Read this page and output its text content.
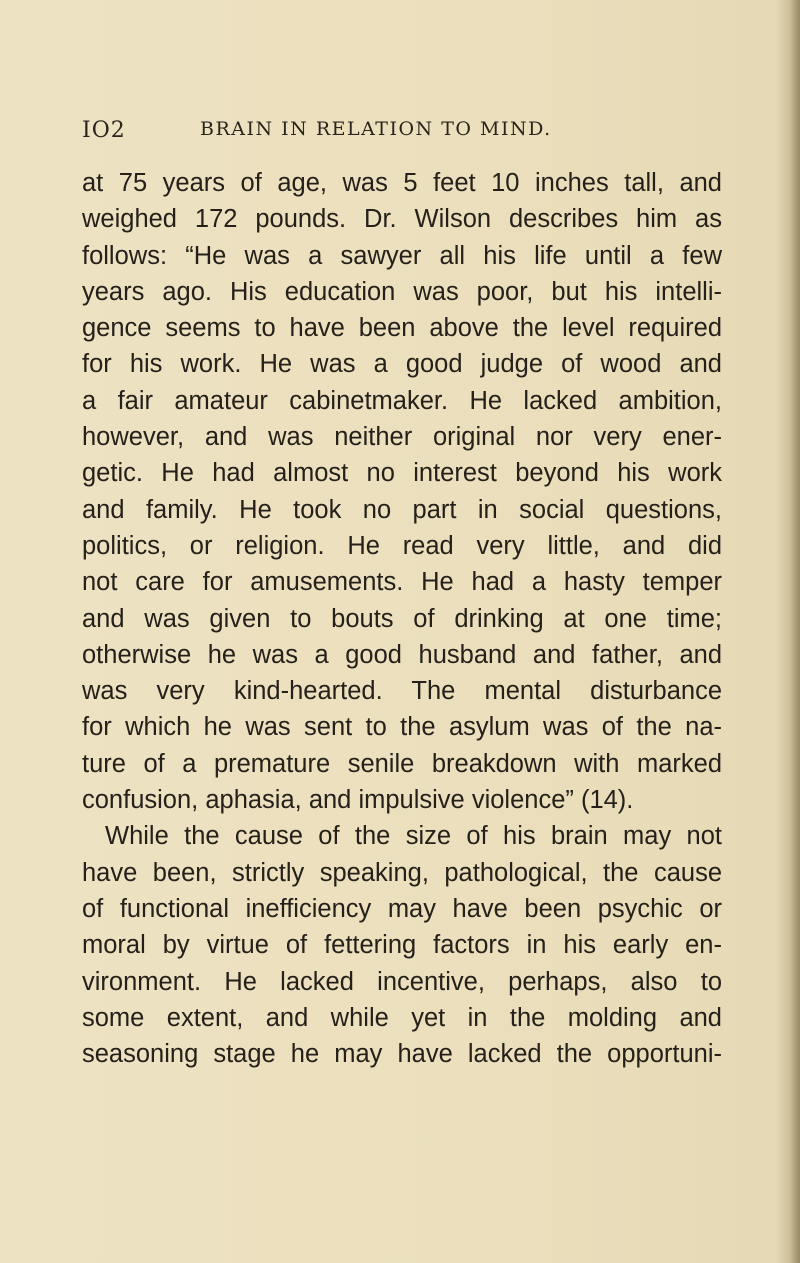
IO2	BRAIN IN RELATION TO MIND.
at 75 years of age, was 5 feet 10 inches tall, and
weighed 172 pounds. Dr. Wilson describes him as
follows: “He was a sawyer all his life until a few
years ago. His education was poor, but his intelli-
gence seems to have been above the level required
for his work. He was a good judge of wood and
a fair amateur cabinetmaker. He lacked ambition,
however, and was neither original nor very ener-
getic. He had almost no interest beyond his work
and family. He took no part in social questions,
politics, or religion. He read very little, and did
not care for amusements. He had a hasty temper
and was given to bouts of drinking at one time;
otherwise he was a good husband and father, and
was very kind-hearted. The mental disturbance
for which he was sent to the asylum was of the na-
ture of a premature senile breakdown with marked
confusion, aphasia, and impulsive violence” (14).
While the cause of the size of his brain may not
have been, strictly speaking, pathological, the cause
of functional inefficiency may have been psychic or
moral by virtue of fettering factors in his early en-
vironment. He lacked incentive, perhaps, also to
some extent, and while yet in the molding and
seasoning stage he may have lacked the opportuni-
